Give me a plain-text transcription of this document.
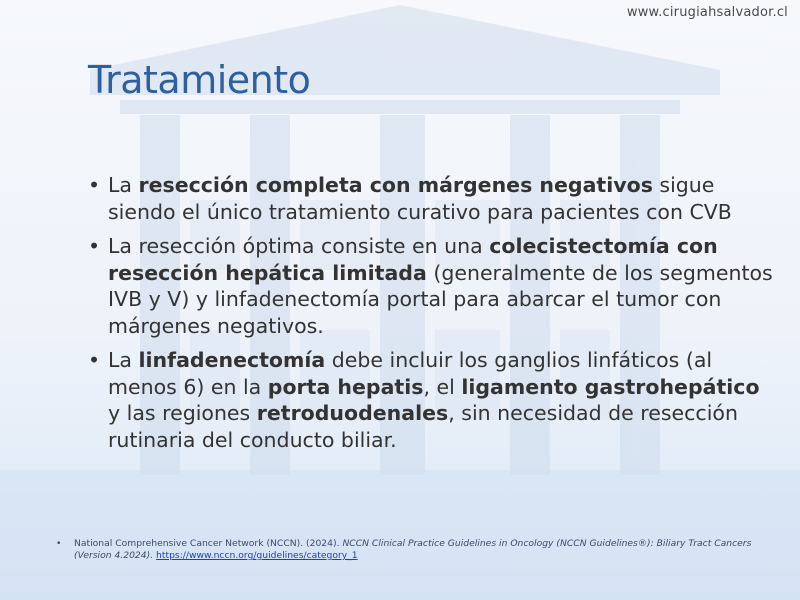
www.cirugiahsalvador.cl
Tratamiento
• La resección completa con márgenes negativos sigue siendo el único tratamiento curativo para pacientes con CVB
• La resección óptima consiste en una colecistectomía con resección hepática limitada (generalmente de los segmentos IVB y V) y linfadenectomía portal para abarcar el tumor con márgenes negativos.
• La linfadenectomía debe incluir los ganglios linfáticos (al menos 6) en la porta hepatis, el ligamento gastrohepático y las regiones retroduodenales, sin necesidad de resección rutinaria del conducto biliar.
•	National Comprehensive Cancer Network (NCCN). (2024). NCCN Clinical Practice Guidelines in Oncology (NCCN Guidelines®): Biliary Tract Cancers (Version 4.2024). https://www.nccn.org/guidelines/category_1
